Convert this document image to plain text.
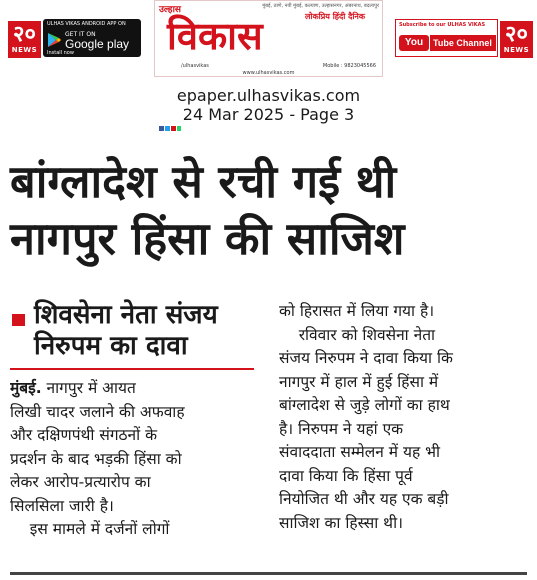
२०
NEWS
ULHAS VIKAS ANDROID APP ON
GET IT ON
Google play
Install now
मुंबई, ठाणे, नवी मुंबई, कल्याण, उल्हासनगर, अंबरनाथ, बदलापुर
उल्हास
लोकप्रिय हिंदी दैनिक
विकास
/ulhasvikas	Mobile : 9823045566
www.ulhasvikas.com
Subscribe to our ULHAS VIKAS
You	Tube Channel २०
NEWS
epaper.ulhasvikas.com
24 Mar 2025 - Page 3
बांग्लादेश से रची गई थी
नागपुर हिंसा की साजिश
शिवसेना नेता संजय
निरुपम का दावा
मुंबई. नागपुर में आयत
लिखी चादर जलाने की अफवाह
और दक्षिणपंथी संगठनों के
प्रदर्शन के बाद भड़की हिंसा को
लेकर आरोप-प्रत्यारोप का
सिलसिला जारी है।
इस मामले में दर्जनों लोगों
को हिरासत में लिया गया है।
रविवार को शिवसेना नेता
संजय निरुपम ने दावा किया कि
नागपुर में हाल में हुई हिंसा में
बांग्लादेश से जुड़े लोगों का हाथ
है। निरुपम ने यहां एक
संवाददाता सम्मेलन में यह भी
दावा किया कि हिंसा पूर्व
नियोजित थी और यह एक बड़ी
साजिश का हिस्सा थी।
